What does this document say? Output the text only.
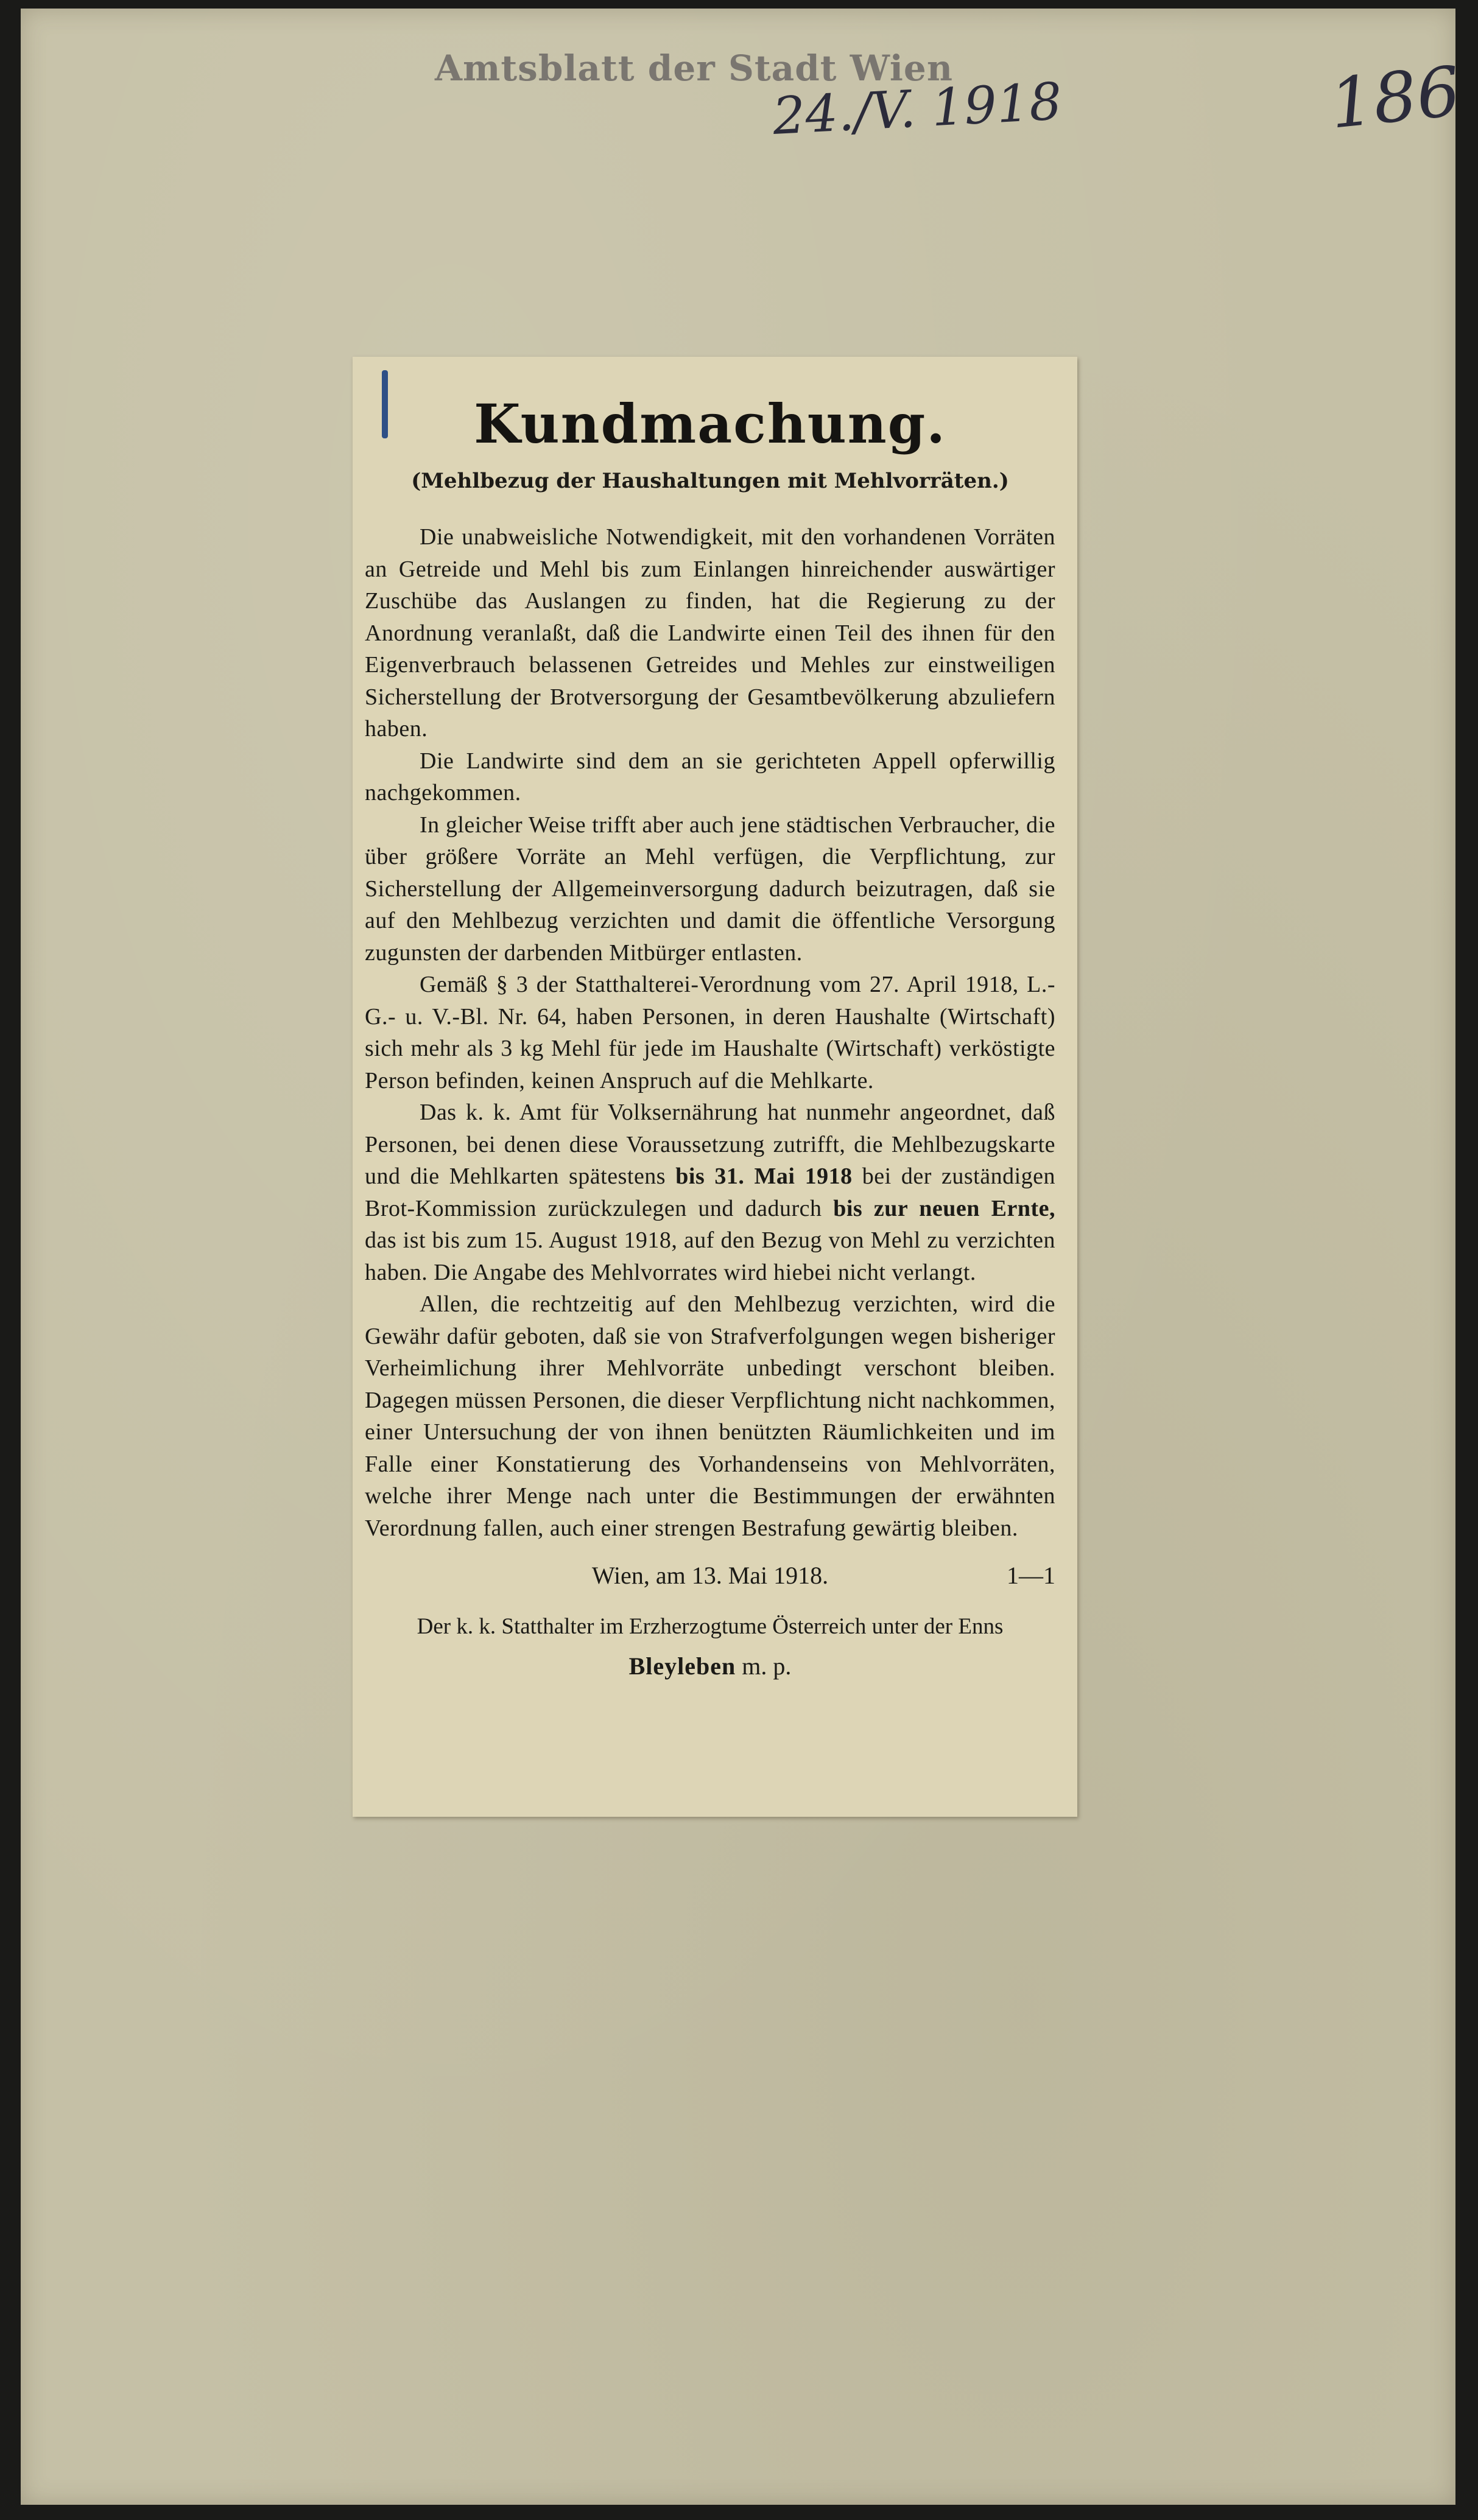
Amtsblatt der Stadt Wien
24./V. 1918	186
Kundmachung.
(Mehlbezug der Haushaltungen mit Mehlvorräten.)

Die unabweisliche Notwendigkeit, mit den vorhandenen Vorräten an Getreide und Mehl bis zum Einlangen hinreichender auswärtiger Zuschübe das Auslangen zu finden, hat die Regierung zu der Anordnung veranlaßt, daß die Landwirte einen Teil des ihnen für den Eigenverbrauch belassenen Getreides und Mehles zur einstweiligen Sicherstellung der Brotversorgung der Gesamtbevölkerung abzuliefern haben.

Die Landwirte sind dem an sie gerichteten Appell opferwillig nachgekommen.

In gleicher Weise trifft aber auch jene städtischen Verbraucher, die über größere Vorräte an Mehl verfügen, die Verpflichtung, zur Sicherstellung der Allgemeinversorgung dadurch beizutragen, daß sie auf den Mehlbezug verzichten und damit die öffentliche Versorgung zugunsten der darbenden Mitbürger entlasten.

Gemäß § 3 der Statthalterei-Verordnung vom 27. April 1918, L.-G.- u. V.-Bl. Nr. 64, haben Personen, in deren Haushalte (Wirtschaft) sich mehr als 3 kg Mehl für jede im Haushalte (Wirtschaft) verköstigte Person befinden, keinen Anspruch auf die Mehlkarte.

Das k. k. Amt für Volksernährung hat nunmehr angeordnet, daß Personen, bei denen diese Voraussetzung zutrifft, die Mehlbezugskarte und die Mehlkarten spätestens bis 31. Mai 1918 bei der zuständigen Brot-Kommission zurückzulegen und dadurch bis zur neuen Ernte, das ist bis zum 15. August 1918, auf den Bezug von Mehl zu verzichten haben. Die Angabe des Mehlvorrates wird hiebei nicht verlangt.

Allen, die rechtzeitig auf den Mehlbezug verzichten, wird die Gewähr dafür geboten, daß sie von Strafverfolgungen wegen bisheriger Verheimlichung ihrer Mehlvorräte unbedingt verschont bleiben. Dagegen müssen Personen, die dieser Verpflichtung nicht nachkommen, einer Untersuchung der von ihnen benützten Räumlichkeiten und im Falle einer Konstatierung des Vorhandenseins von Mehlvorräten, welche ihrer Menge nach unter die Bestimmungen der erwähnten Verordnung fallen, auch einer strengen Bestrafung gewärtig bleiben.

Wien, am 13. Mai 1918.	1—1
Der k. k. Statthalter im Erzherzogtume Österreich unter der Enns
Bleyleben m. p.
